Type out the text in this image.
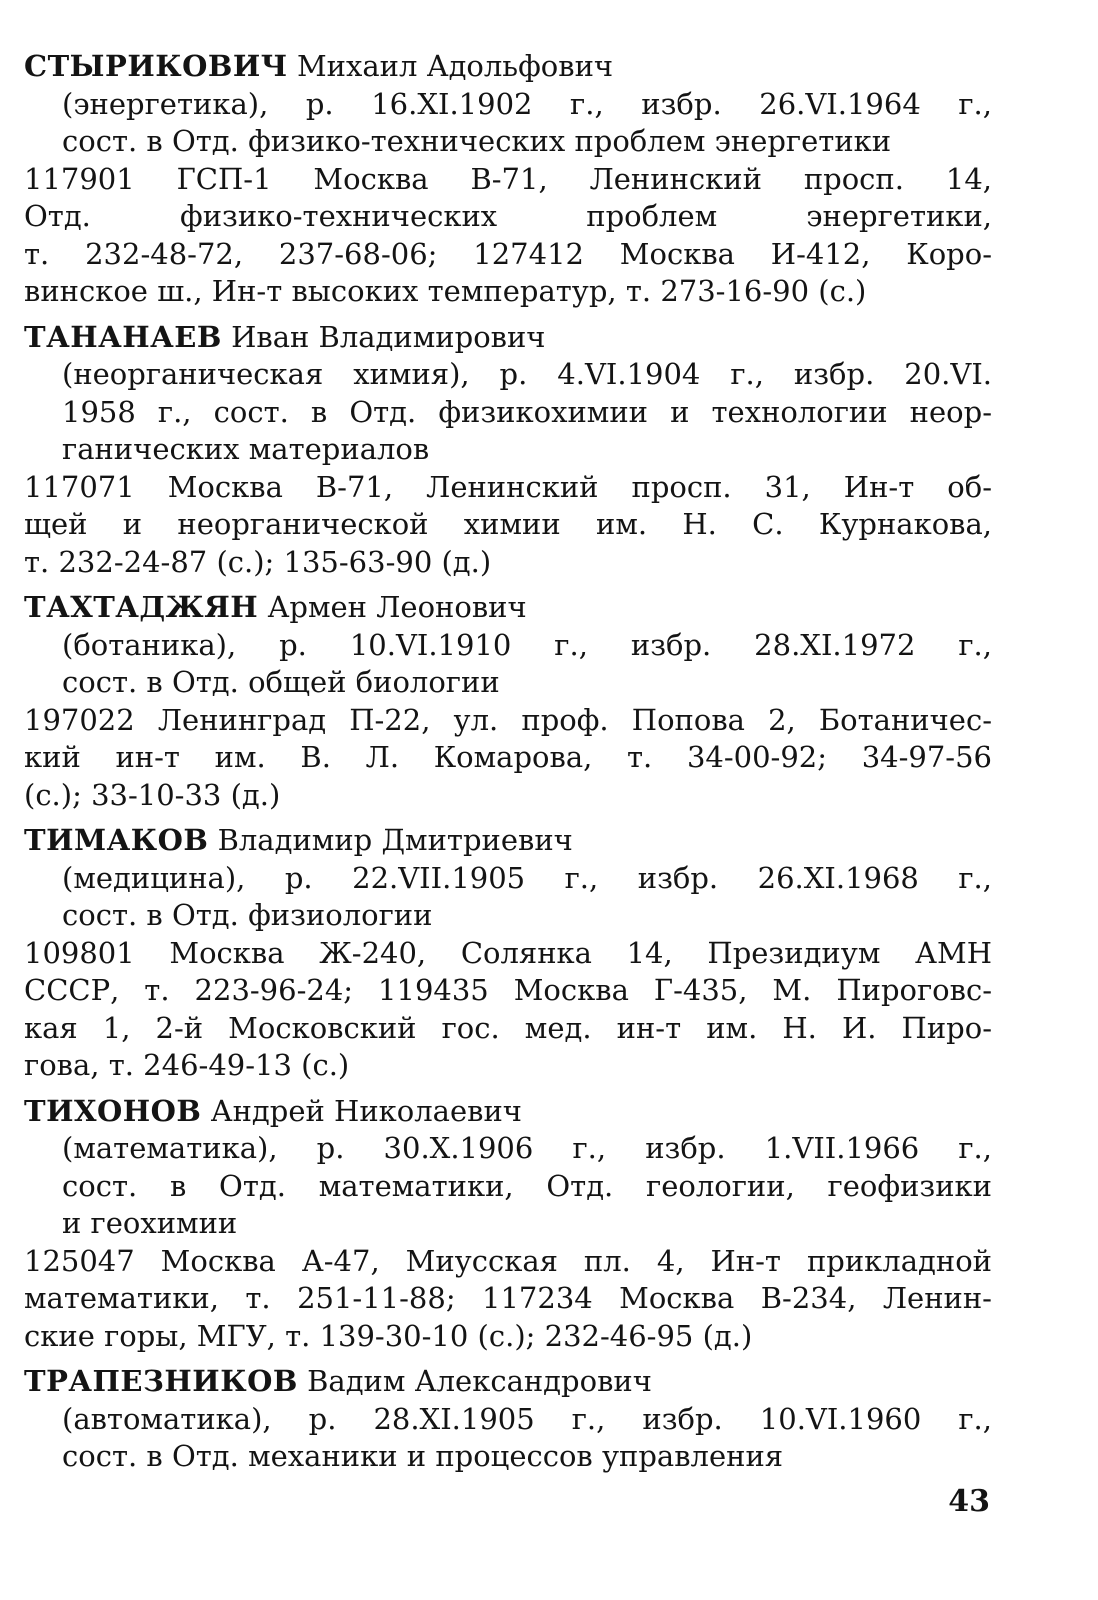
СТЫРИКОВИЧ Михаил Адольфович
(энергетика), р. 16.XI.1902 г., избр. 26.VI.1964 г.,
сост. в Отд. физико-технических проблем энергетики
117901 ГСП-1 Москва В-71, Ленинский просп. 14,
Отд. физико-технических проблем энергетики,
т. 232-48-72, 237-68-06; 127412 Москва И-412, Коро-
винское ш., Ин-т высоких температур, т. 273-16-90 (с.)
ТАНАНАЕВ Иван Владимирович
(неорганическая химия), р. 4.VI.1904 г., избр. 20.VI.
1958 г., сост. в Отд. физикохимии и технологии неор-
ганических материалов
117071 Москва В-71, Ленинский просп. 31, Ин-т об-
щей и неорганической химии им. Н. С. Курнакова,
т. 232-24-87 (с.); 135-63-90 (д.)
ТАХТАДЖЯН Армен Леонович
(ботаника), р. 10.VI.1910 г., избр. 28.XI.1972 г.,
сост. в Отд. общей биологии
197022 Ленинград П-22, ул. проф. Попова 2, Ботаничес-
кий ин-т им. В. Л. Комарова, т. 34-00-92; 34-97-56
(с.); 33-10-33 (д.)
ТИМАКОВ Владимир Дмитриевич
(медицина), р. 22.VII.1905 г., избр. 26.XI.1968 г.,
сост. в Отд. физиологии
109801 Москва Ж-240, Солянка 14, Президиум АМН
СССР, т. 223-96-24; 119435 Москва Г-435, М. Пироговс-
кая 1, 2-й Московский гос. мед. ин-т им. Н. И. Пиро-
гова, т. 246-49-13 (с.)
ТИХОНОВ Андрей Николаевич
(математика), р. 30.X.1906 г., избр. 1.VII.1966 г.,
сост. в Отд. математики, Отд. геологии, геофизики
и геохимии
125047 Москва А-47, Миусская пл. 4, Ин-т прикладной
математики, т. 251-11-88; 117234 Москва В-234, Ленин-
ские горы, МГУ, т. 139-30-10 (с.); 232-46-95 (д.)
ТРАПЕЗНИКОВ Вадим Александрович
(автоматика), р. 28.XI.1905 г., избр. 10.VI.1960 г.,
сост. в Отд. механики и процессов управления
43
